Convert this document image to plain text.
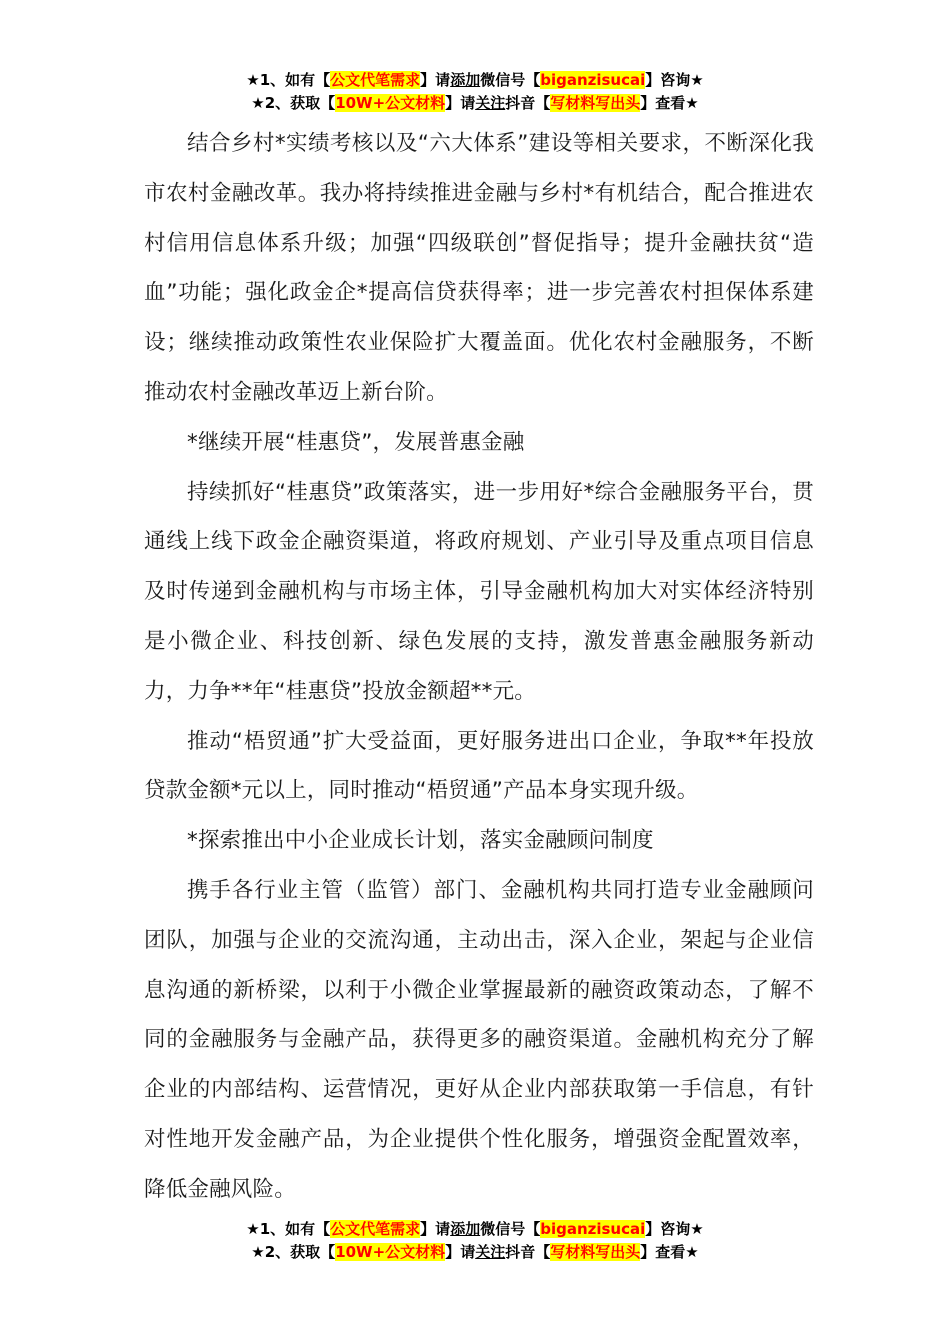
★1、如有【公文代笔需求】请添加微信号【biganzisucai】咨询★
★2、获取【10W+公文材料】请关注抖音【写材料写出头】查看★

结合乡村*实绩考核以及“六大体系”建设等相关要求，不断深化我市农村金融改革。我办将持续推进金融与乡村*有机结合，配合推进农村信用信息体系升级；加强“四级联创”督促指导；提升金融扶贫“造血”功能；强化政金企*提高信贷获得率；进一步完善农村担保体系建设；继续推动政策性农业保险扩大覆盖面。优化农村金融服务，不断推动农村金融改革迈上新台阶。

*继续开展“桂惠贷”，发展普惠金融

持续抓好“桂惠贷”政策落实，进一步用好*综合金融服务平台，贯通线上线下政金企融资渠道，将政府规划、产业引导及重点项目信息及时传递到金融机构与市场主体，引导金融机构加大对实体经济特别是小微企业、科技创新、绿色发展的支持，激发普惠金融服务新动力，力争**年“桂惠贷”投放金额超**元。

推动“梧贸通”扩大受益面，更好服务进出口企业，争取**年投放贷款金额*元以上，同时推动“梧贸通”产品本身实现升级。

*探索推出中小企业成长计划，落实金融顾问制度

携手各行业主管（监管）部门、金融机构共同打造专业金融顾问团队，加强与企业的交流沟通，主动出击，深入企业，架起与企业信息沟通的新桥梁，以利于小微企业掌握最新的融资政策动态，了解不同的金融服务与金融产品，获得更多的融资渠道。金融机构充分了解企业的内部结构、运营情况，更好从企业内部获取第一手信息，有针对性地开发金融产品，为企业提供个性化服务，增强资金配置效率，降低金融风险。

★1、如有【公文代笔需求】请添加微信号【biganzisucai】咨询★
★2、获取【10W+公文材料】请关注抖音【写材料写出头】查看★
